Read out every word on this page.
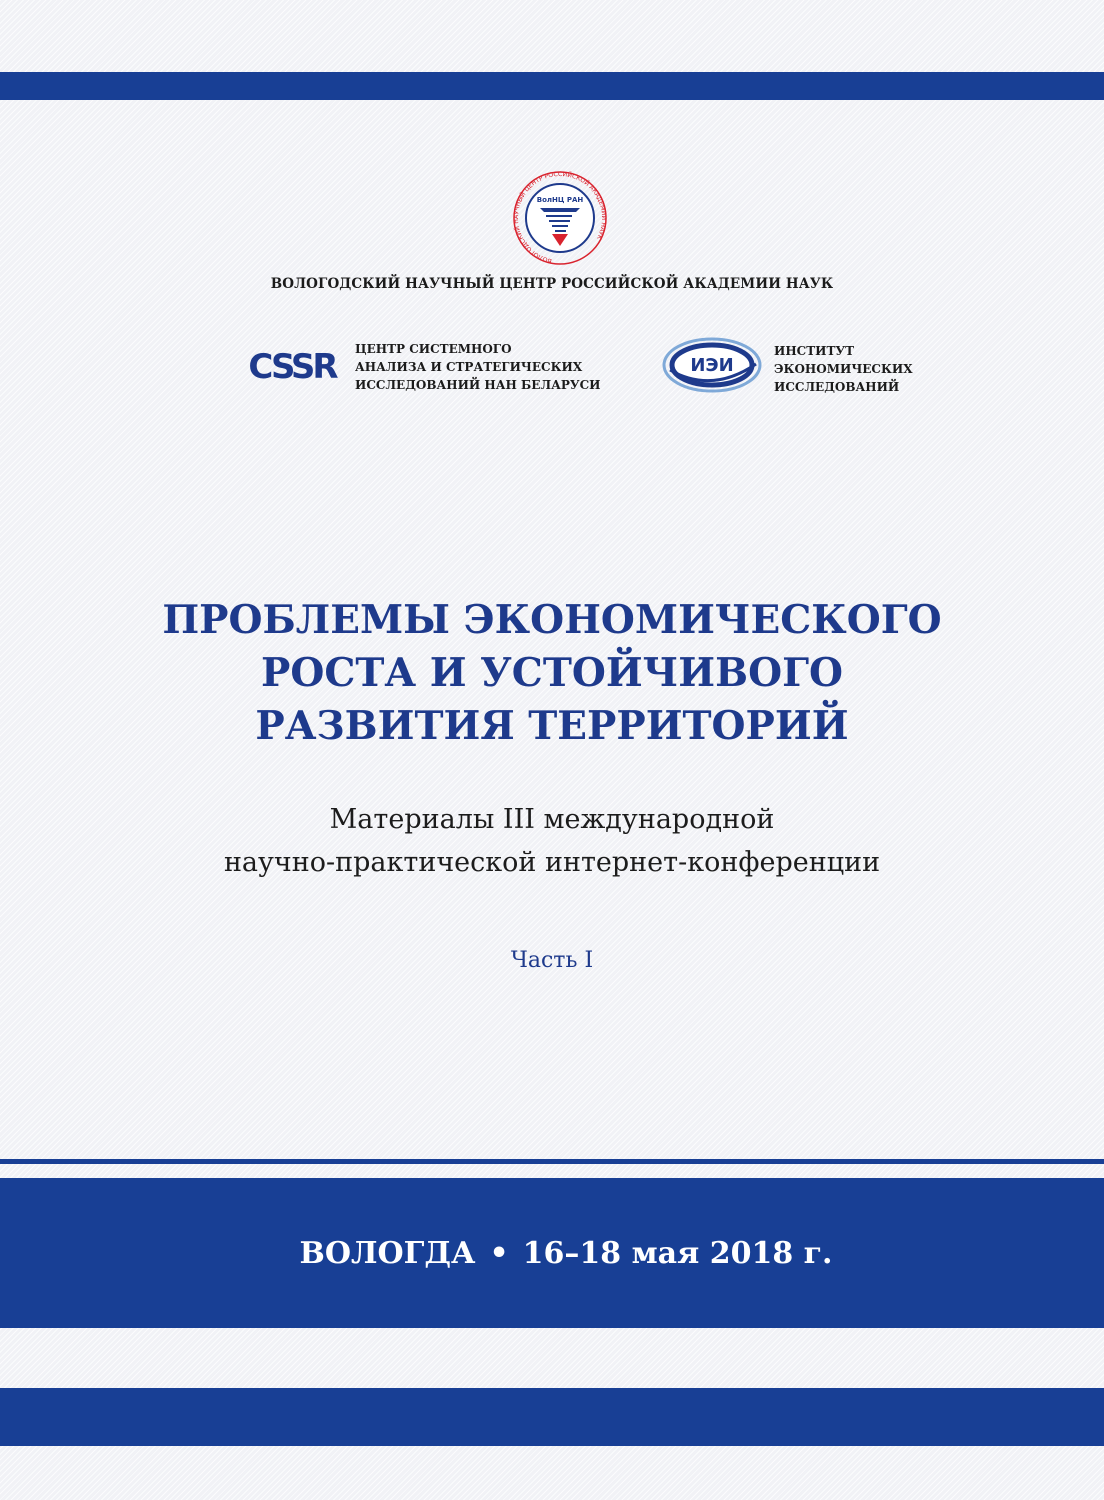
ВОЛОГОДСКИЙ НАУЧНЫЙ ЦЕНТР РОССИЙСКОЙ АКАДЕМИИ НАУК
ВолНЦ РАН
ВОЛОГОДСКИЙ НАУЧНЫЙ ЦЕНТР РОССИЙСКОЙ АКАДЕМИИ НАУК
CSSR ЦЕНТР СИСТЕМНОГО
АНАЛИЗА И СТРАТЕГИЧЕСКИХ
ИССЛЕДОВАНИЙ НАН БЕЛАРУСИ
ИЭИ
ИНСТИТУТ
ЭКОНОМИЧЕСКИХ
ИССЛЕДОВАНИЙ
ПРОБЛЕМЫ ЭКОНОМИЧЕСКОГО
РОСТА И УСТОЙЧИВОГО
РАЗВИТИЯ ТЕРРИТОРИЙ
Материалы III международной
научно-практической интернет-конференции
Часть I
ВОЛОГДА • 16–18 мая 2018 г.
